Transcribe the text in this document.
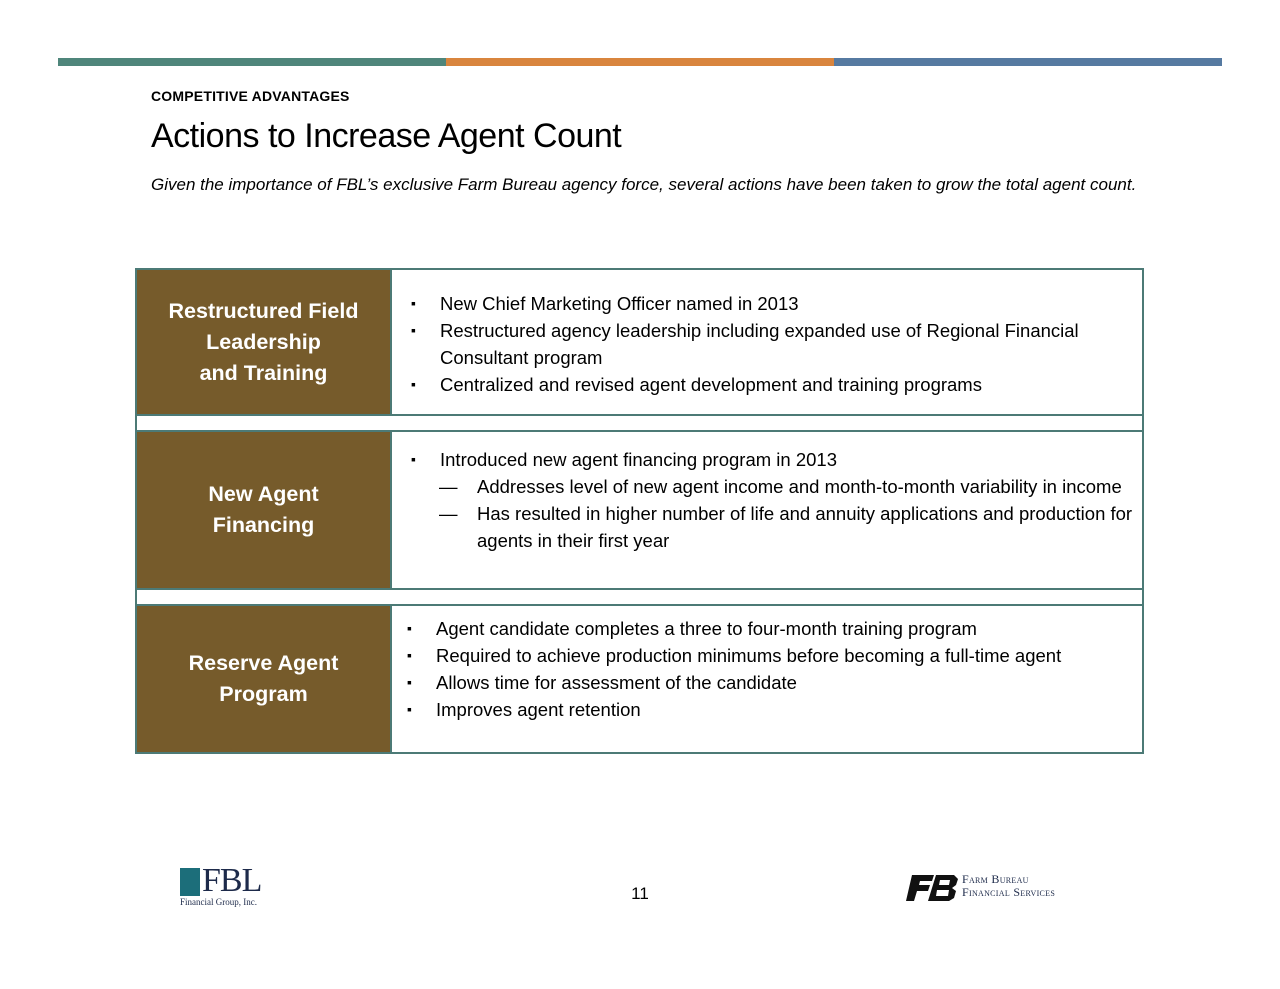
COMPETITIVE ADVANTAGES
Actions to Increase Agent Count
Given the importance of FBL’s exclusive Farm Bureau agency force, several actions have been taken to grow the total agent count.
Restructured Field
Leadership
and Training
▪ New Chief Marketing Officer named in 2013
▪ Restructured agency leadership including expanded use of Regional Financial Consultant program
▪ Centralized and revised agent development and training programs
New Agent
Financing
▪ Introduced new agent financing program in 2013
— Addresses level of new agent income and month-to-month variability in income
— Has resulted in higher number of life and annuity applications and production for agents in their first year
Reserve Agent
Program
▪ Agent candidate completes a three to four-month training program
▪ Required to achieve production minimums before becoming a full-time agent
▪ Allows time for assessment of the candidate
▪ Improves agent retention
FBL
Financial Group, Inc.	11
Farm Bureau
Financial Services
